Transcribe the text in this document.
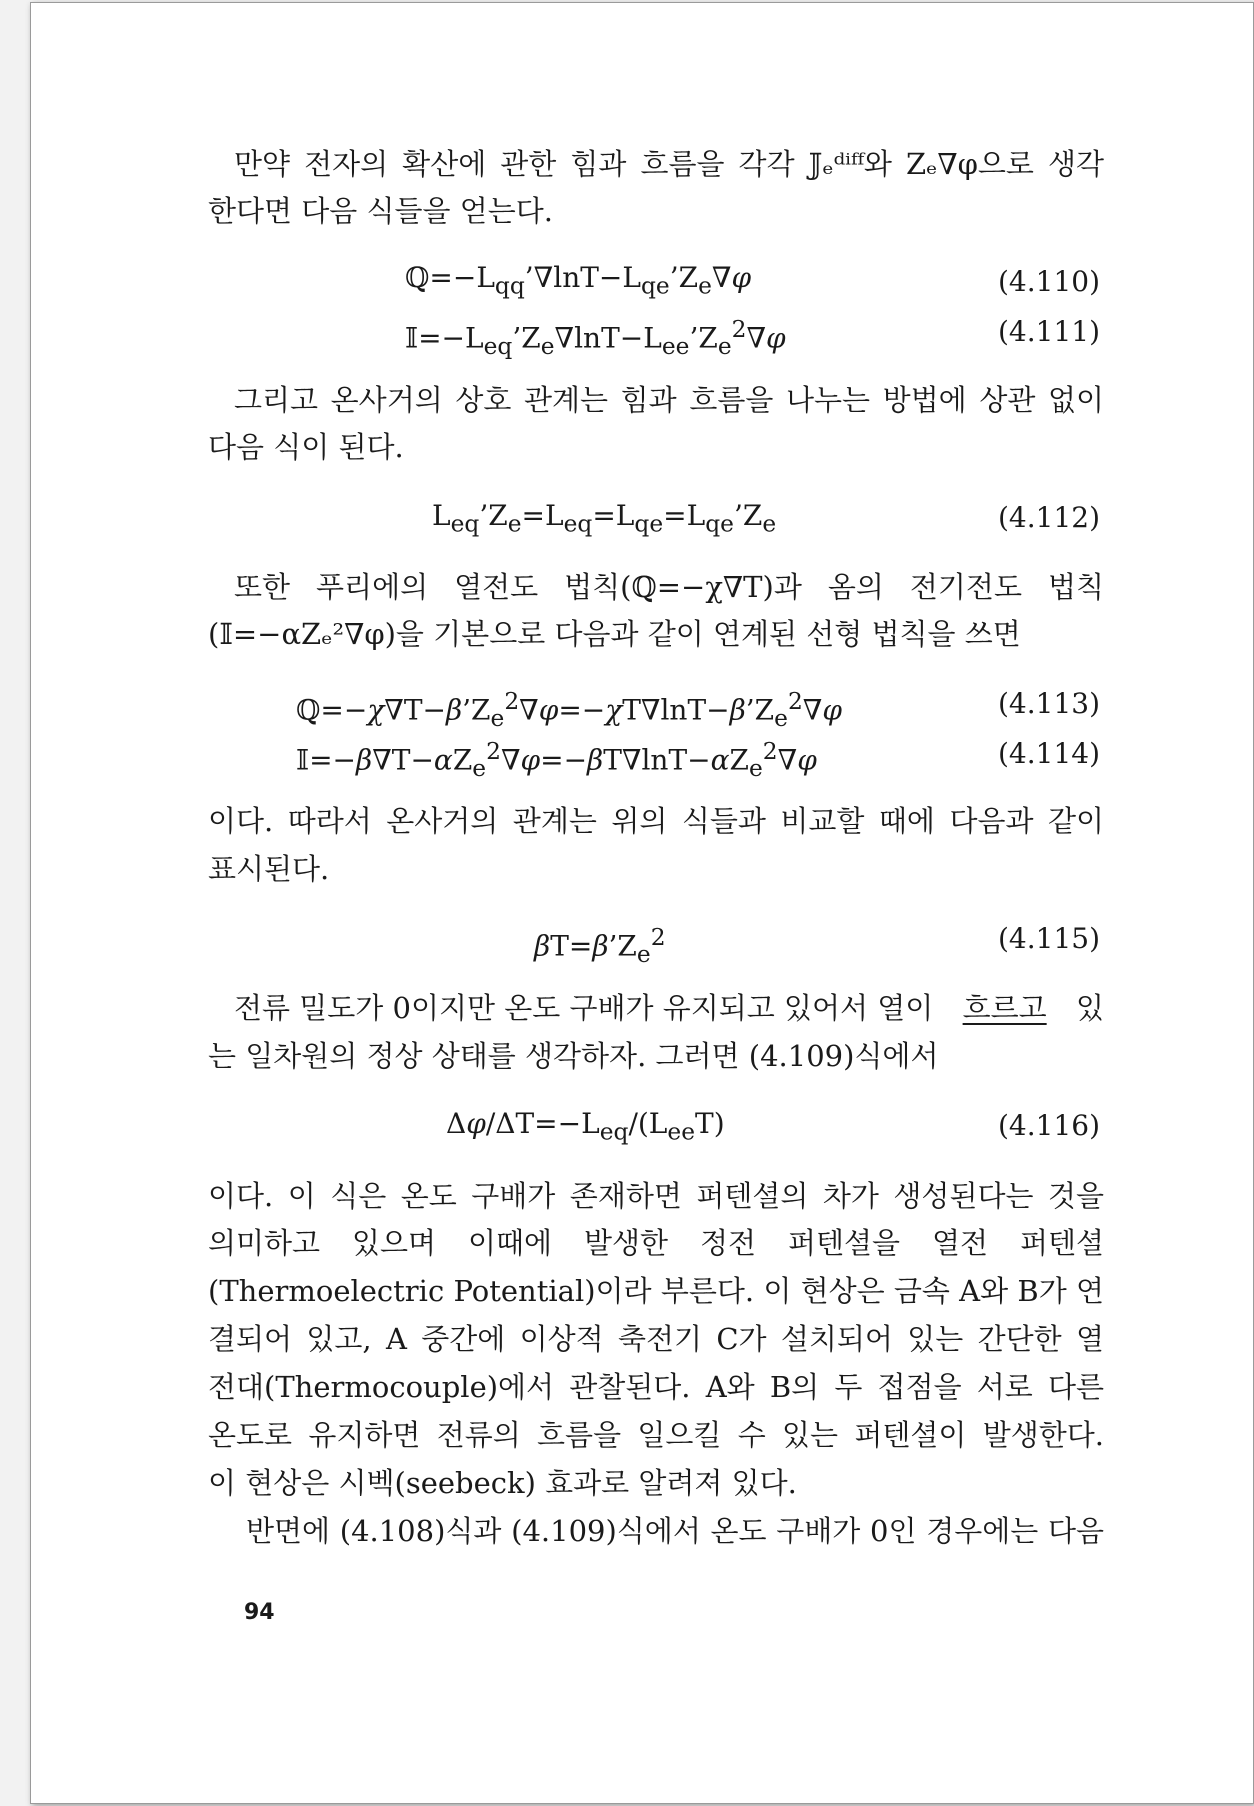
만약 전자의 확산에 관한 힘과 흐름을 각각 𝕁ₑᵈⁱᶠᶠ와 Zₑ∇φ으로 생각
한다면 다음 식들을 얻는다.
$ℚ=-L_{qq}’\nabla\ln T-L_{qe}’Z_e\nabla\varphi$	(4.110)
$𝕀=-L_{eq}’Z_e\nabla\ln T-L_{ee}’Z_e^2\nabla\varphi$	(4.111)
그리고 온사거의 상호 관계는 힘과 흐름을 나누는 방법에 상관 없이
다음 식이 된다.
$L_{eq}’Z_e=L_{eq}=L_{qe}=L_{qe}’Z_e$	(4.112)
또한 푸리에의 열전도 법칙(ℚ=−χ∇T)과 옴의 전기전도 법칙
(𝕀=−αZₑ²∇φ)을 기본으로 다음과 같이 연계된 선형 법칙을 쓰면
$ℚ=-\chi\nabla T-\beta’Z_e^2\nabla\varphi=-\chi T\nabla\ln T-\beta’Z_e^2\nabla\varphi$	(4.113)
$𝕀=-\beta\nabla T-\alpha Z_e^2\nabla\varphi=-\beta T\nabla\ln T-\alpha Z_e^2\nabla\varphi$	(4.114)
이다. 따라서 온사거의 관계는 위의 식들과 비교할 때에 다음과 같이
표시된다.
$\beta T=\beta’Z_e^2$	(4.115)
전류 밀도가 0이지만 온도 구배가 유지되고 있어서 열이 흐르고 있
는 일차원의 정상 상태를 생각하자. 그러면 (4.109)식에서
$\Delta\varphi/\Delta T=-L_{eq}/(L_{ee}T)$	(4.116)
이다. 이 식은 온도 구배가 존재하면 퍼텐셜의 차가 생성된다는 것을
의미하고 있으며 이때에 발생한 정전 퍼텐셜을 열전 퍼텐셜
(Thermoelectric Potential)이라 부른다. 이 현상은 금속 A와 B가 연
결되어 있고, A 중간에 이상적 축전기 C가 설치되어 있는 간단한 열
전대(Thermocouple)에서 관찰된다. A와 B의 두 접점을 서로 다른
온도로 유지하면 전류의 흐름을 일으킬 수 있는 퍼텐셜이 발생한다.
이 현상은 시벡(seebeck) 효과로 알려져 있다.
반면에 (4.108)식과 (4.109)식에서 온도 구배가 0인 경우에는 다음
94
